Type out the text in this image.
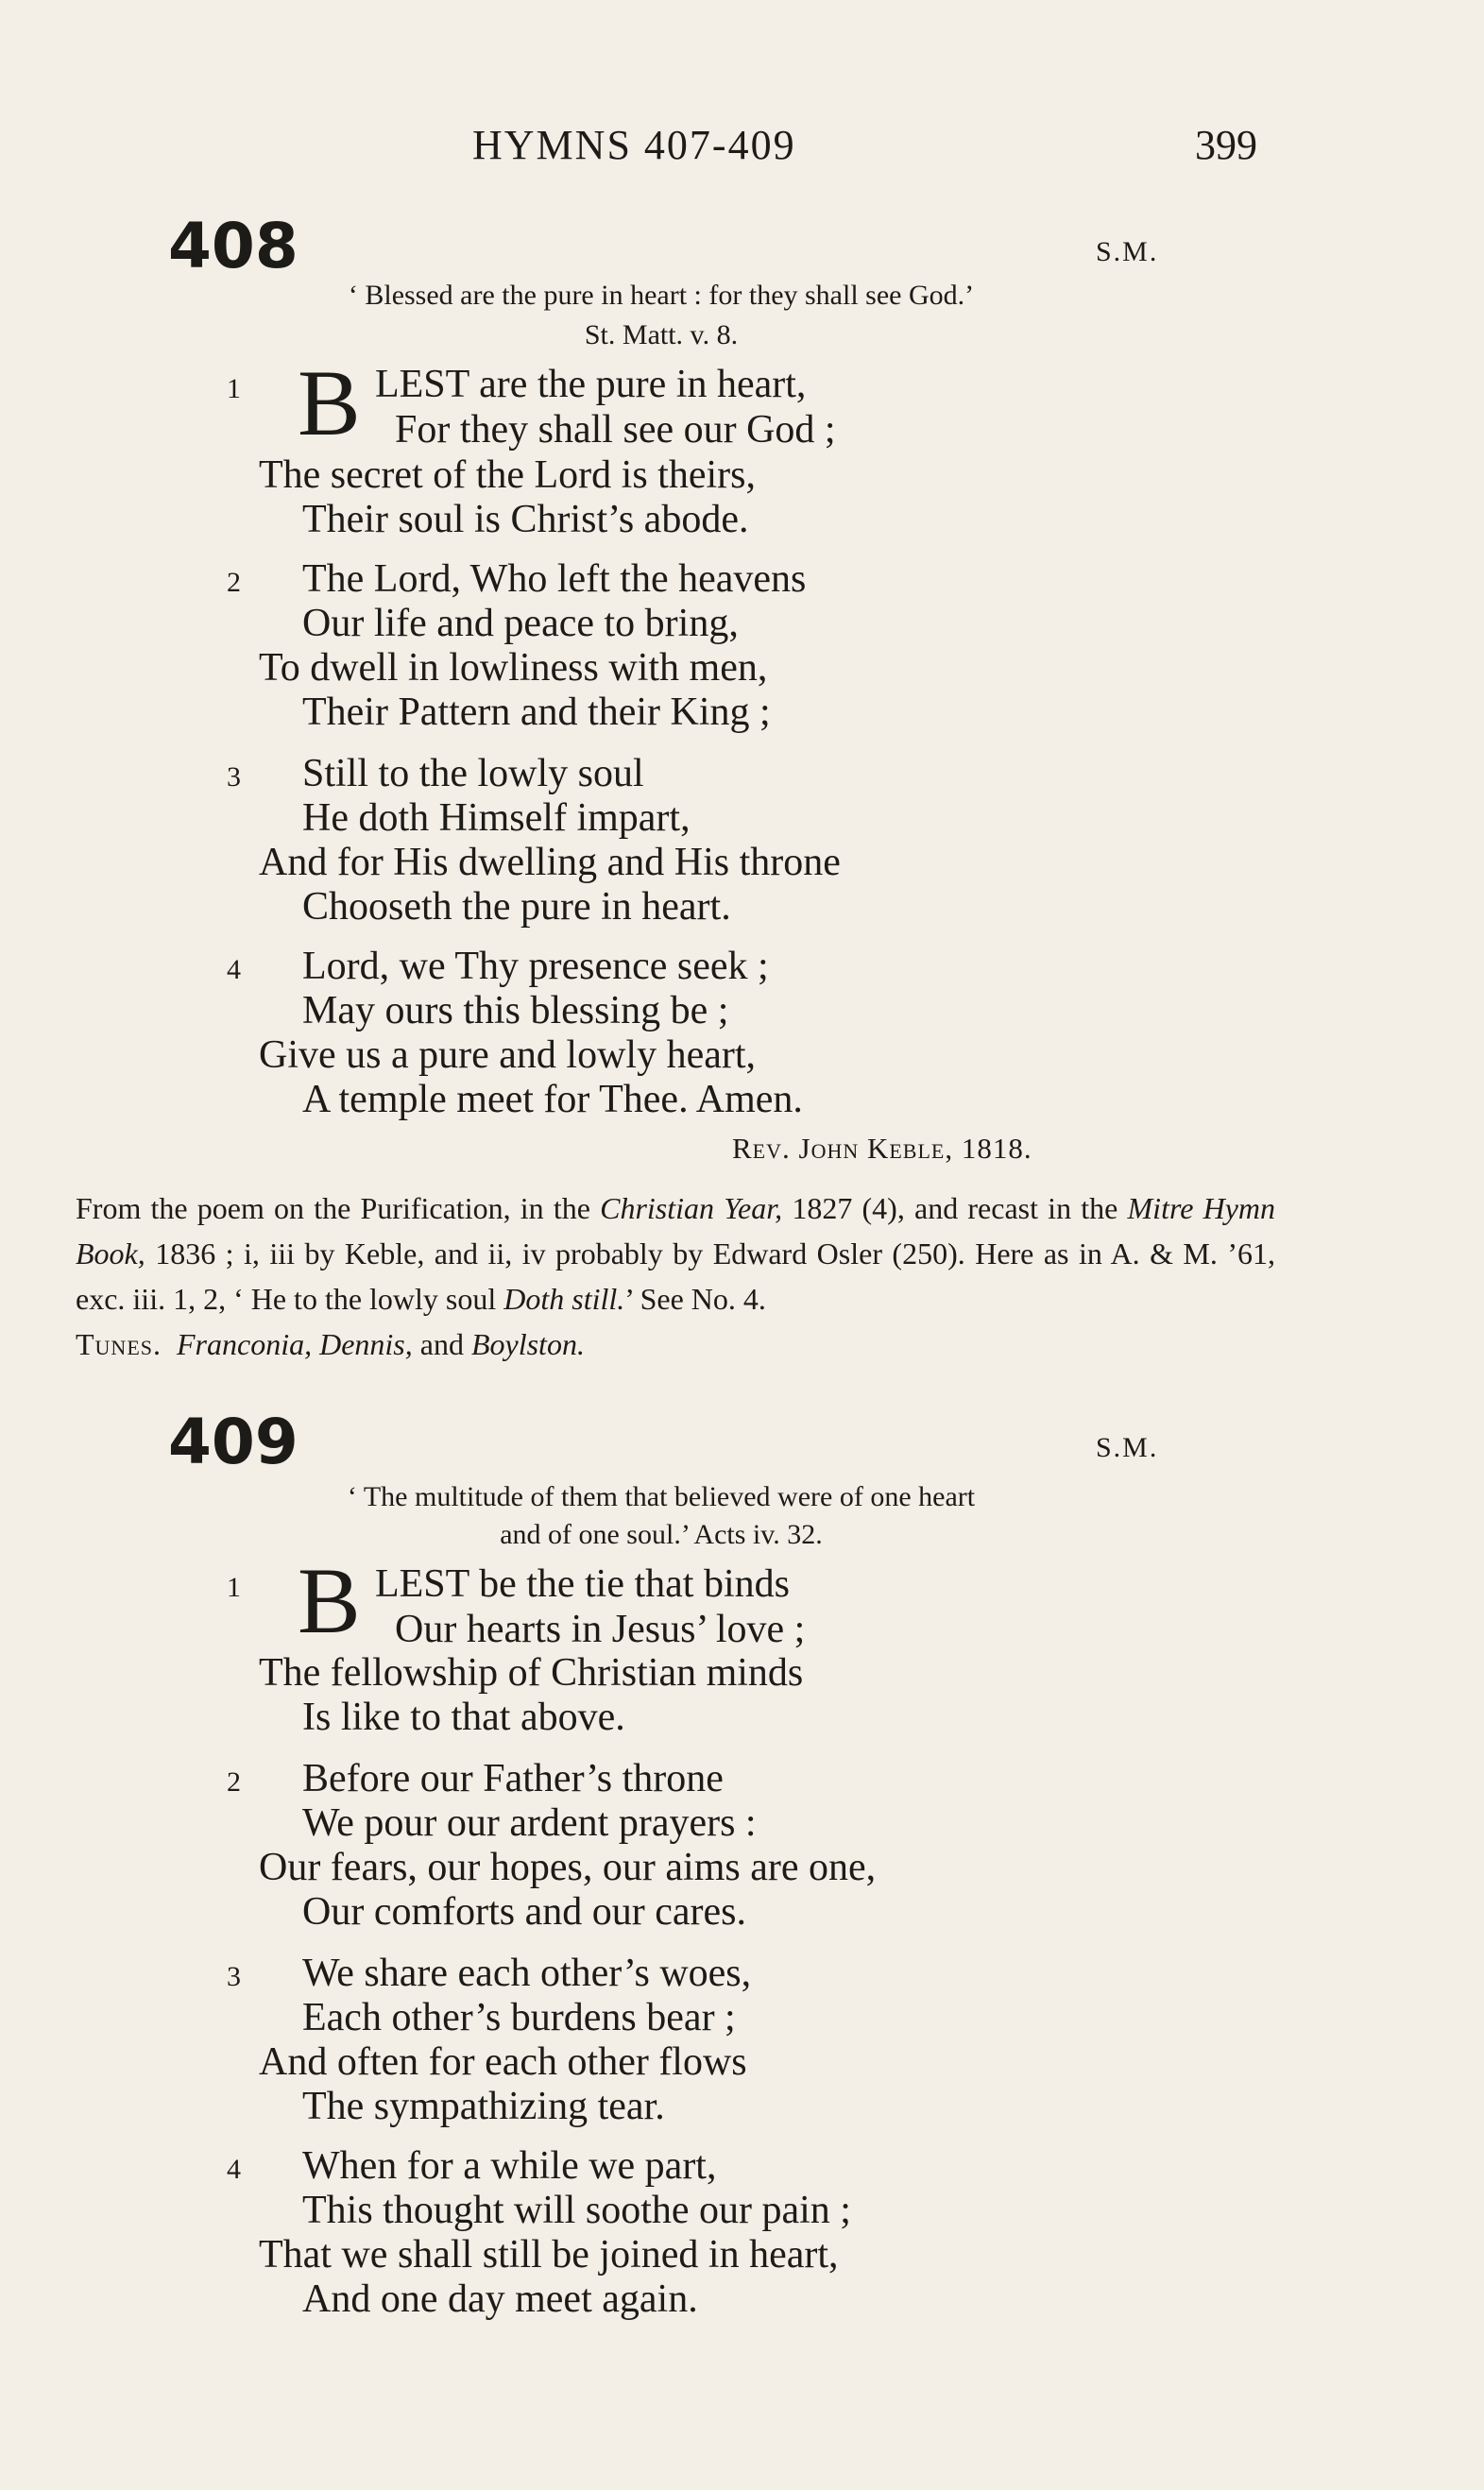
HYMNS 407-409	399
408	S.M.
‘ Blessed are the pure in heart : for they shall see God.’
St. Matt. v. 8.
1 B LEST are the pure in heart,
For they shall see our God ;
The secret of the Lord is theirs,
Their soul is Christ’s abode.
2 The Lord, Who left the heavens
Our life and peace to bring,
To dwell in lowliness with men,
Their Pattern and their King ;
3 Still to the lowly soul
He doth Himself impart,
And for His dwelling and His throne
Chooseth the pure in heart.
4 Lord, we Thy presence seek ;
May ours this blessing be ;
Give us a pure and lowly heart,
A temple meet for Thee. Amen.
Rev. John Keble, 1818.
From the poem on the Purification, in the Christian Year, 1827 (4), and recast in the Mitre Hymn Book, 1836 ; i, iii by Keble, and ii, iv probably by Edward Osler (250). Here as in A. & M. ’61, exc. iii. 1, 2, ‘ He to the lowly soul Doth still.’ See No. 4.
Tunes. Franconia, Dennis, and Boylston.
409	S.M.
‘ The multitude of them that believed were of one heart
and of one soul.’ Acts iv. 32.
1 B LEST be the tie that binds
Our hearts in Jesus’ love ;
The fellowship of Christian minds
Is like to that above.
2 Before our Father’s throne
We pour our ardent prayers :
Our fears, our hopes, our aims are one,
Our comforts and our cares.
3 We share each other’s woes,
Each other’s burdens bear ;
And often for each other flows
The sympathizing tear.
4 When for a while we part,
This thought will soothe our pain ;
That we shall still be joined in heart,
And one day meet again.
